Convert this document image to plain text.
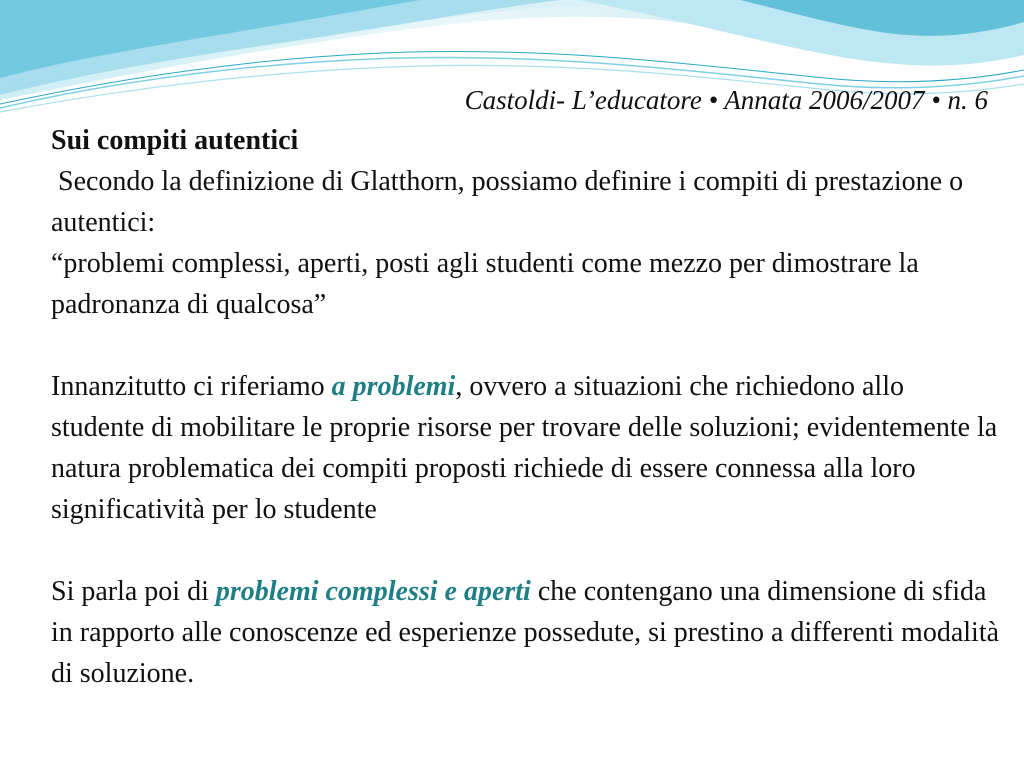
Castoldi- L’educatore • Annata 2006/2007 • n. 6

Sui compiti autentici

Secondo la definizione di Glatthorn, possiamo definire i compiti di prestazione o autentici:

“problemi complessi, aperti, posti agli studenti come mezzo per dimostrare la padronanza di qualcosa”

Innanzitutto ci riferiamo a problemi, ovvero a situazioni che richiedono allo studente di mobilitare le proprie risorse per trovare delle soluzioni; evidentemente la natura problematica dei compiti proposti richiede di essere connessa alla loro significatività per lo studente

Si parla poi di problemi complessi e aperti che contengano una dimensione di sfida in rapporto alle conoscenze ed esperienze possedute, si prestino a differenti modalità di soluzione.
